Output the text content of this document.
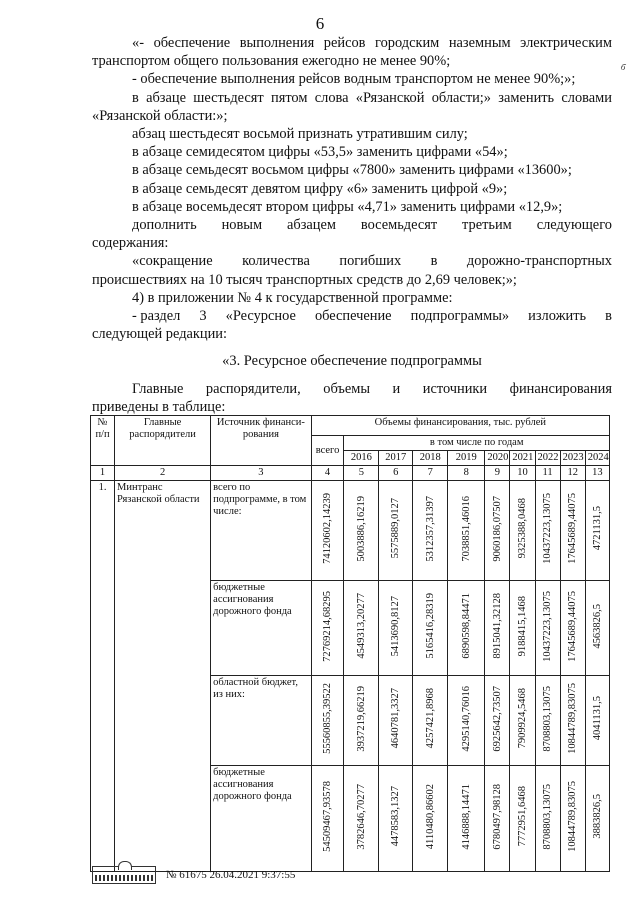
6
б

«- обеспечение выполнения рейсов городским наземным электрическим транспортом общего пользования ежегодно не менее 90%;

- обеспечение выполнения рейсов водным транспортом не менее 90%;»;

в абзаце шестьдесят пятом слова «Рязанской области;» заменить словами «Рязанской области:»;

абзац шестьдесят восьмой признать утратившим силу;

в абзаце семидесятом цифры «53,5» заменить цифрами «54»;

в абзаце семьдесят восьмом цифры «7800» заменить цифрами «13600»;

в абзаце семьдесят девятом цифру «6» заменить цифрой «9»;

в абзаце восемьдесят втором цифры «4,71» заменить цифрами «12,9»;

дополнить новым абзацем восемьдесят третьим следующего

содержания:

«сокращение количества погибших в дорожно-транспортных

происшествиях на 10 тысяч транспортных средств до 2,69 человек;»;

4) в приложении № 4 к государственной программе:

- раздел 3 «Ресурсное обеспечение подпрограммы» изложить в

следующей редакции:

«3. Ресурсное обеспечение подпрограммы

Главные распорядители, объемы и источники финансирования

приведены в таблице:

№ п/п	Главные распорядители	Источник финанси-рования	Объемы финансирования, тыс. рублей									
			всего	в том числе по годам								
				2016	2017	2018	2019	2020	2021	2022	2023	2024
1	2	3	4	5	6	7	8	9	10	11	12	13
1.	Минтранс Рязанской области	всего по подпрограмме, в том числе:	74120602,14239	5003886,16219	5575889,0127	5312357,31397	7038851,46016	9060186,07507	9325388,0468	10437223,13075	17645689,44075	4721131,5
		бюджетные ассигнования дорожного фонда	72769214,68295	4549313,20277	5413690,8127	5165416,28319	6890598,84471	8915041,32128	9188415,1468	10437223,13075	17645689,44075	4563826,5
		областной бюджет, из них:	55560855,39522	3937219,66219	4640781,3327	4257421,8968	4295140,76016	6925642,73507	7909924,5468	8708803,13075	10844789,83075	4041131,5
		бюджетные ассигнования дорожного фонда	54509467,93578	3782646,70277	4478583,1327	4110480,86602	4146888,14471	6780497,98128	7772951,6468	8708803,13075	10844789,83075	3883826,5
№ 61675 26.04.2021 9:37:55
